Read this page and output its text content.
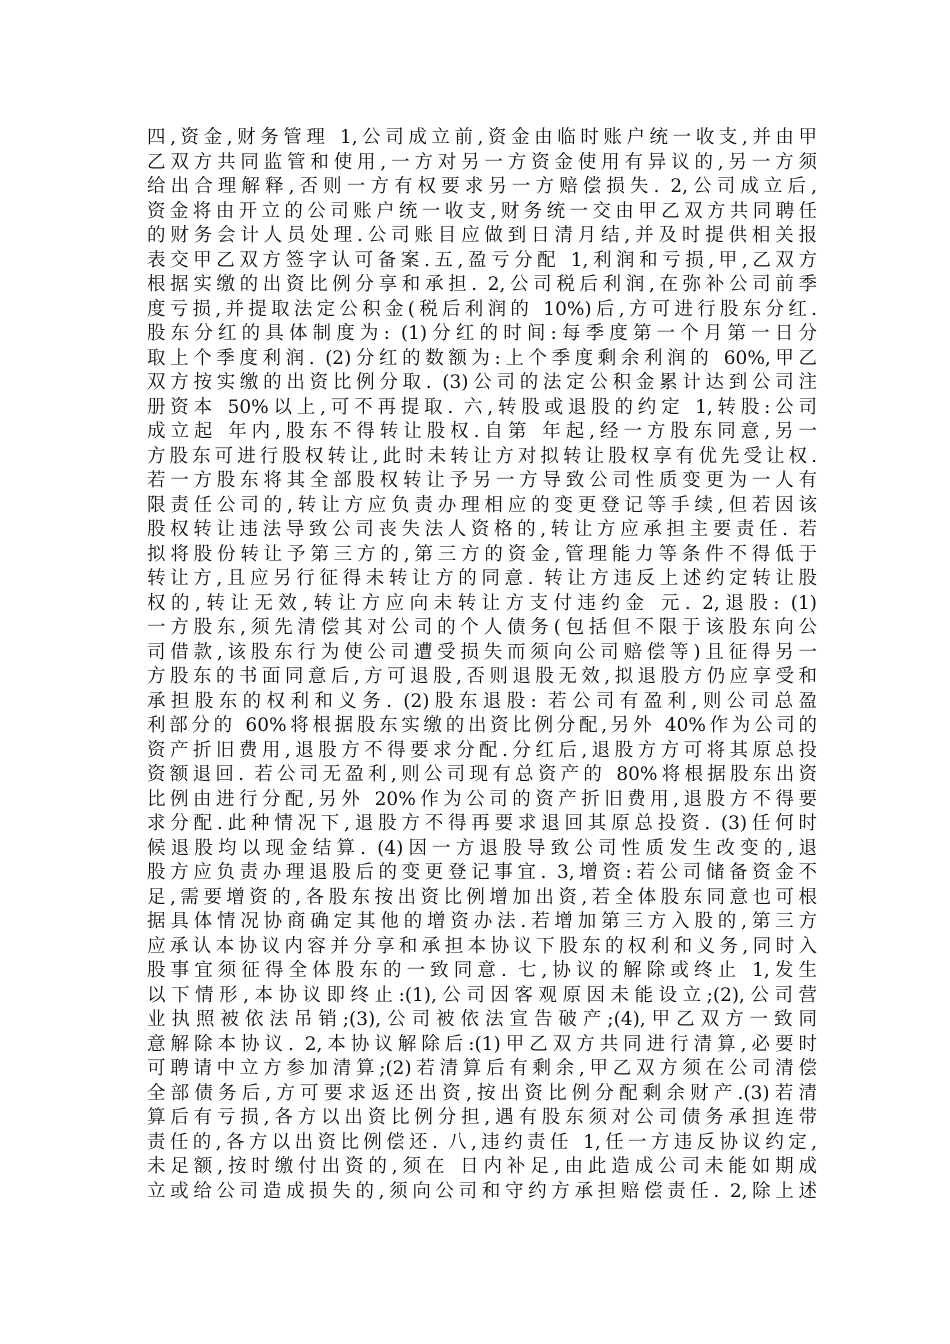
四,资金,财务管理 1,公司成立前,资金由临时账户统一收支,并由甲
乙双方共同监管和使用,一方对另一方资金使用有异议的,另一方须
给出合理解释,否则一方有权要求另一方赔偿损失. 2,公司成立后,
资金将由开立的公司账户统一收支,财务统一交由甲乙双方共同聘任
的财务会计人员处理.公司账目应做到日清月结,并及时提供相关报
表交甲乙双方签字认可备案.五,盈亏分配 1,利润和亏损,甲,乙双方
根据实缴的出资比例分享和承担. 2,公司税后利润,在弥补公司前季
度亏损,并提取法定公积金(税后利润的 10%)后,方可进行股东分红.
股东分红的具体制度为: (1)分红的时间:每季度第一个月第一日分
取上个季度利润. (2)分红的数额为:上个季度剩余利润的 60%,甲乙
双方按实缴的出资比例分取. (3)公司的法定公积金累计达到公司注
册资本 50%以上,可不再提取. 六,转股或退股的约定 1,转股:公司
成立起 年内,股东不得转让股权.自第 年起,经一方股东同意,另一
方股东可进行股权转让,此时未转让方对拟转让股权享有优先受让权.
若一方股东将其全部股权转让予另一方导致公司性质变更为一人有
限责任公司的,转让方应负责办理相应的变更登记等手续,但若因该
股权转让违法导致公司丧失法人资格的,转让方应承担主要责任. 若
拟将股份转让予第三方的,第三方的资金,管理能力等条件不得低于
转让方,且应另行征得未转让方的同意. 转让方违反上述约定转让股
权的,转让无效,转让方应向未转让方支付违约金 元. 2,退股: (1)
一方股东,须先清偿其对公司的个人债务(包括但不限于该股东向公
司借款,该股东行为使公司遭受损失而须向公司赔偿等)且征得另一
方股东的书面同意后,方可退股,否则退股无效,拟退股方仍应享受和
承担股东的权利和义务. (2)股东退股: 若公司有盈利,则公司总盈
利部分的 60%将根据股东实缴的出资比例分配,另外 40%作为公司的
资产折旧费用,退股方不得要求分配.分红后,退股方方可将其原总投
资额退回. 若公司无盈利,则公司现有总资产的 80%将根据股东出资
比例由进行分配,另外 20%作为公司的资产折旧费用,退股方不得要
求分配.此种情况下,退股方不得再要求退回其原总投资. (3)任何时
候退股均以现金结算. (4)因一方退股导致公司性质发生改变的,退
股方应负责办理退股后的变更登记事宜. 3,增资:若公司储备资金不
足,需要增资的,各股东按出资比例增加出资,若全体股东同意也可根
据具体情况协商确定其他的增资办法.若增加第三方入股的,第三方
应承认本协议内容并分享和承担本协议下股东的权利和义务,同时入
股事宜须征得全体股东的一致同意. 七,协议的解除或终止 1,发生
以下情形,本协议即终止:(1),公司因客观原因未能设立;(2),公司营
业执照被依法吊销;(3),公司被依法宣告破产;(4),甲乙双方一致同
意解除本协议. 2,本协议解除后:(1)甲乙双方共同进行清算,必要时
可聘请中立方参加清算;(2)若清算后有剩余,甲乙双方须在公司清偿
全部债务后,方可要求返还出资,按出资比例分配剩余财产.(3)若清
算后有亏损,各方以出资比例分担,遇有股东须对公司债务承担连带
责任的,各方以出资比例偿还. 八,违约责任 1,任一方违反协议约定,
未足额,按时缴付出资的,须在 日内补足,由此造成公司未能如期成
立或给公司造成损失的,须向公司和守约方承担赔偿责任. 2,除上述
